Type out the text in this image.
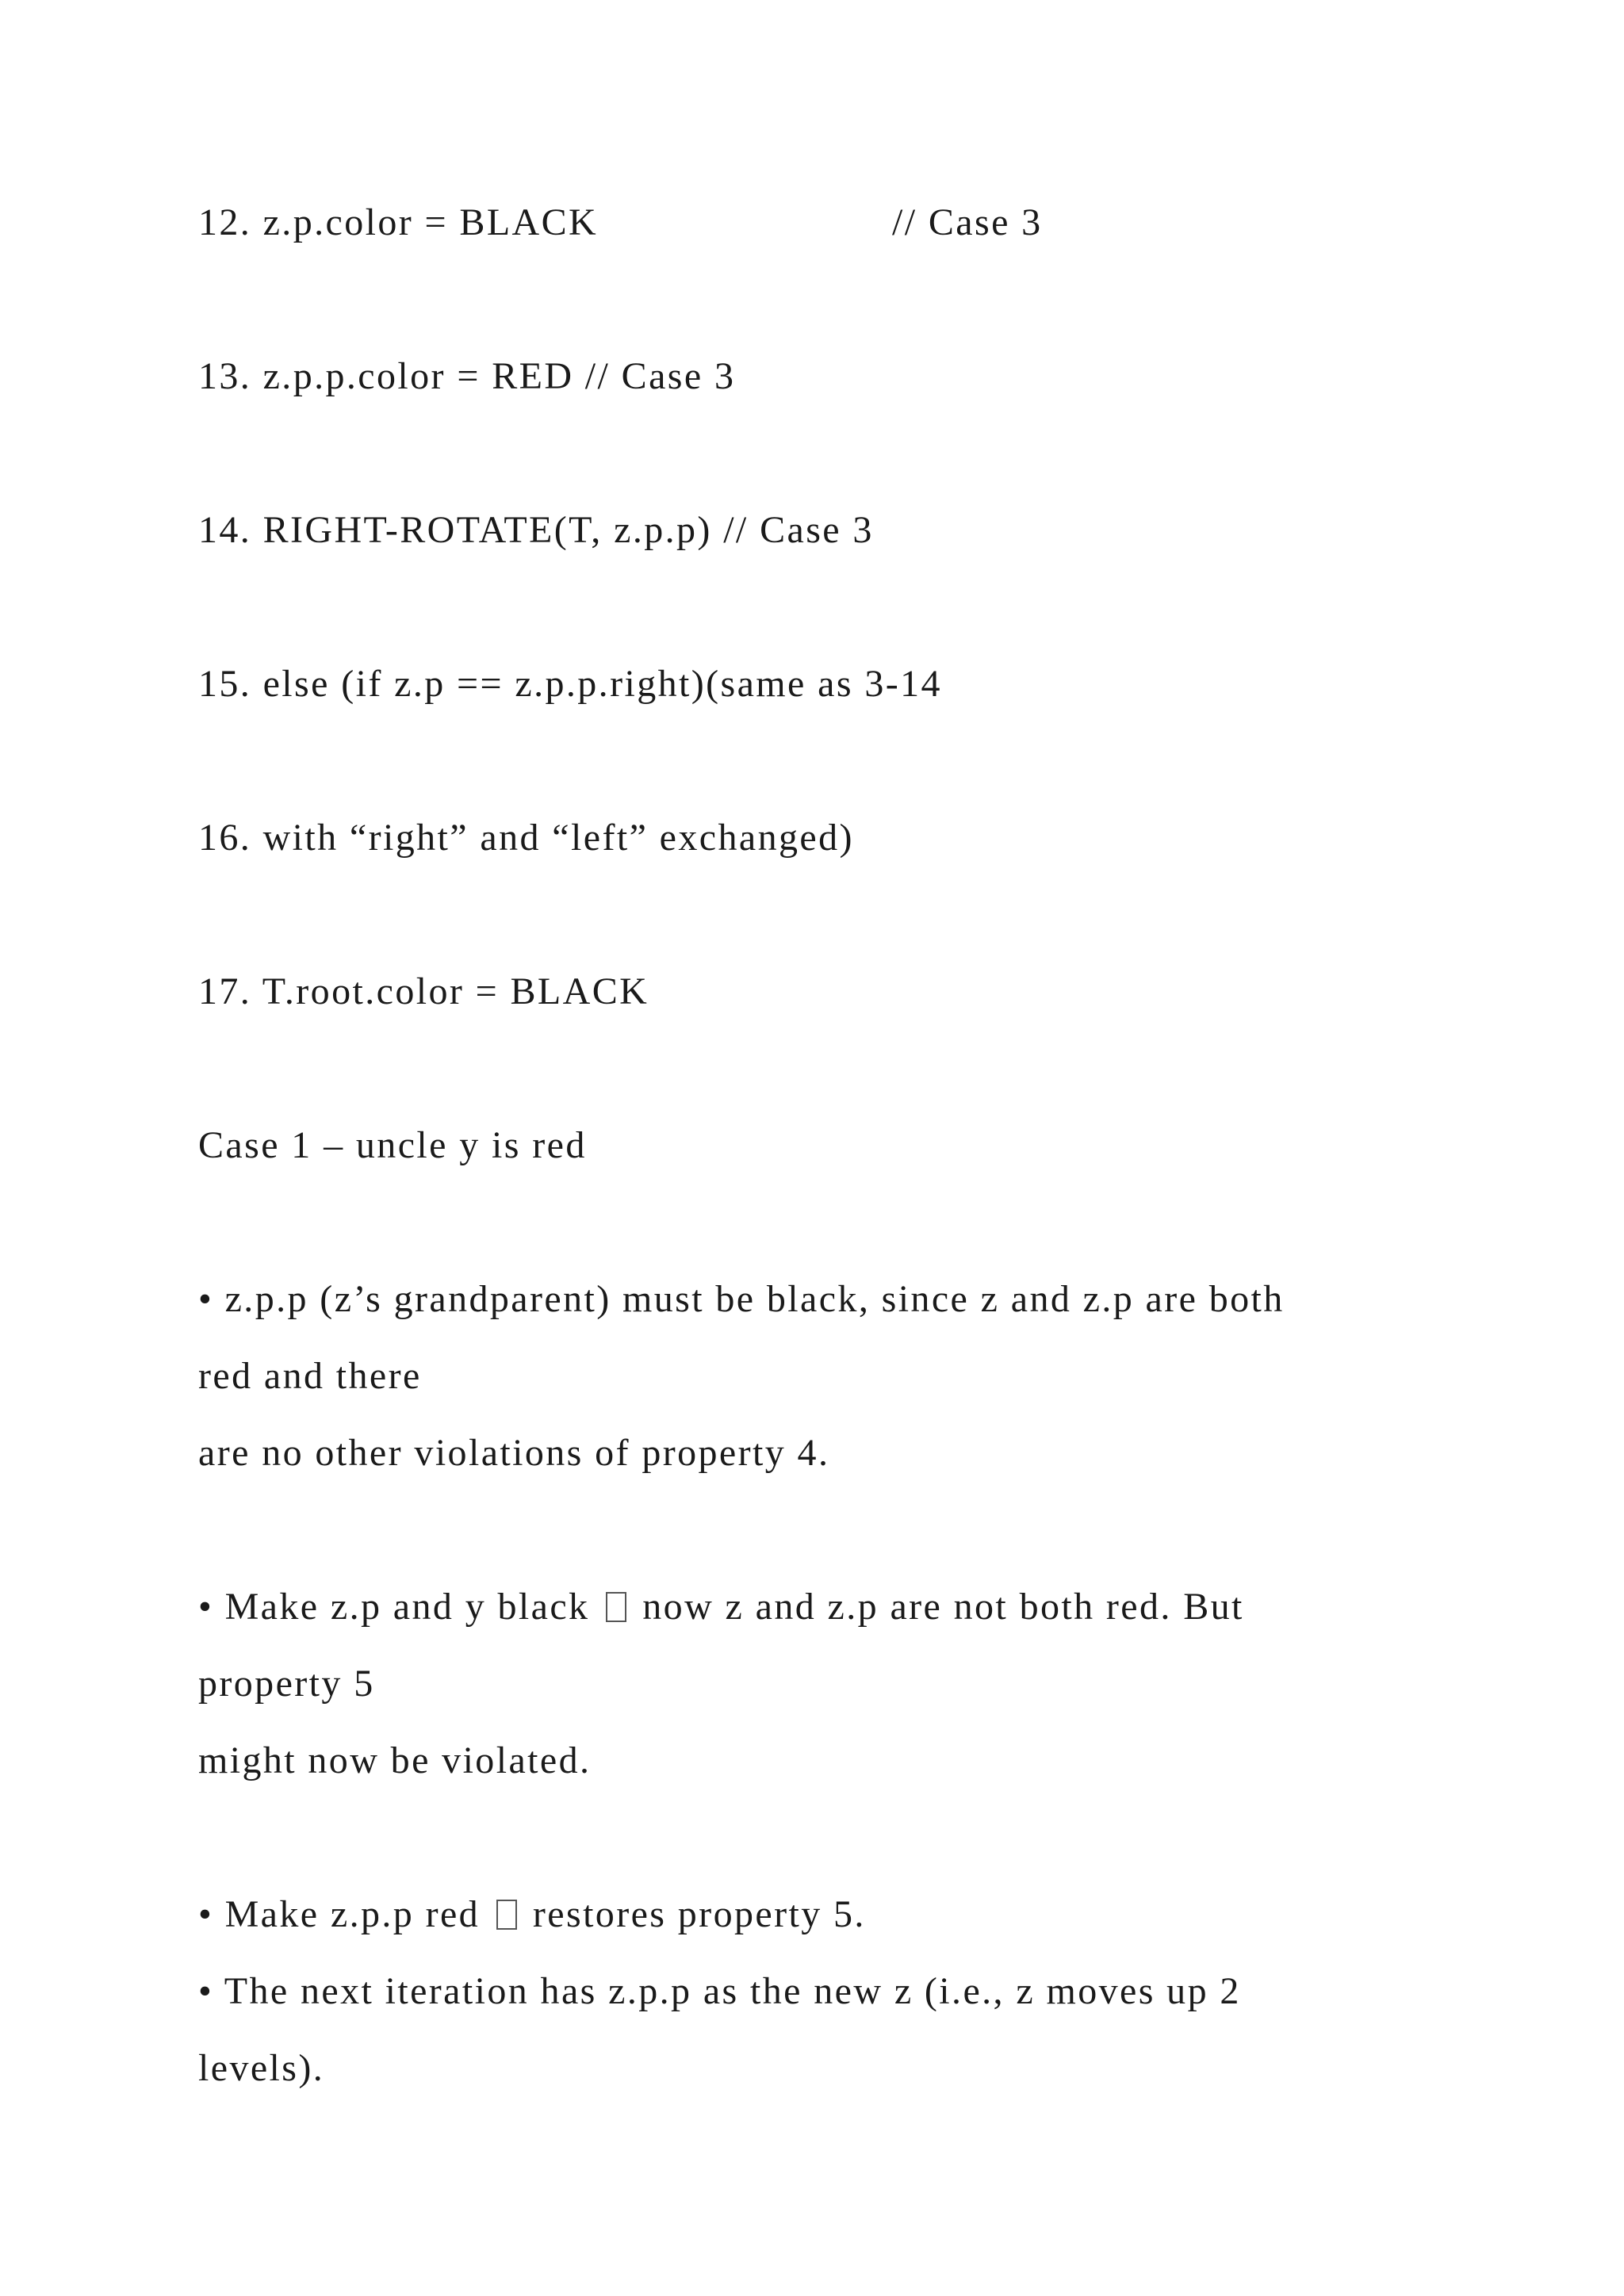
12. z.p.color = BLACK	// Case 3
13. z.p.p.color = RED // Case 3
14. RIGHT-ROTATE(T, z.p.p) // Case 3
15. else (if z.p == z.p.p.right)(same as 3-14
16. with “right” and “left” exchanged)
17. T.root.color = BLACK
Case 1 – uncle y is red
• z.p.p (z’s grandparent) must be black, since z and z.p are both
red and there
are no other violations of property 4.
• Make z.p and y black now z and z.p are not both red. But
property 5
might now be violated.
• Make z.p.p red restores property 5.
• The next iteration has z.p.p as the new z (i.e., z moves up 2
levels).
